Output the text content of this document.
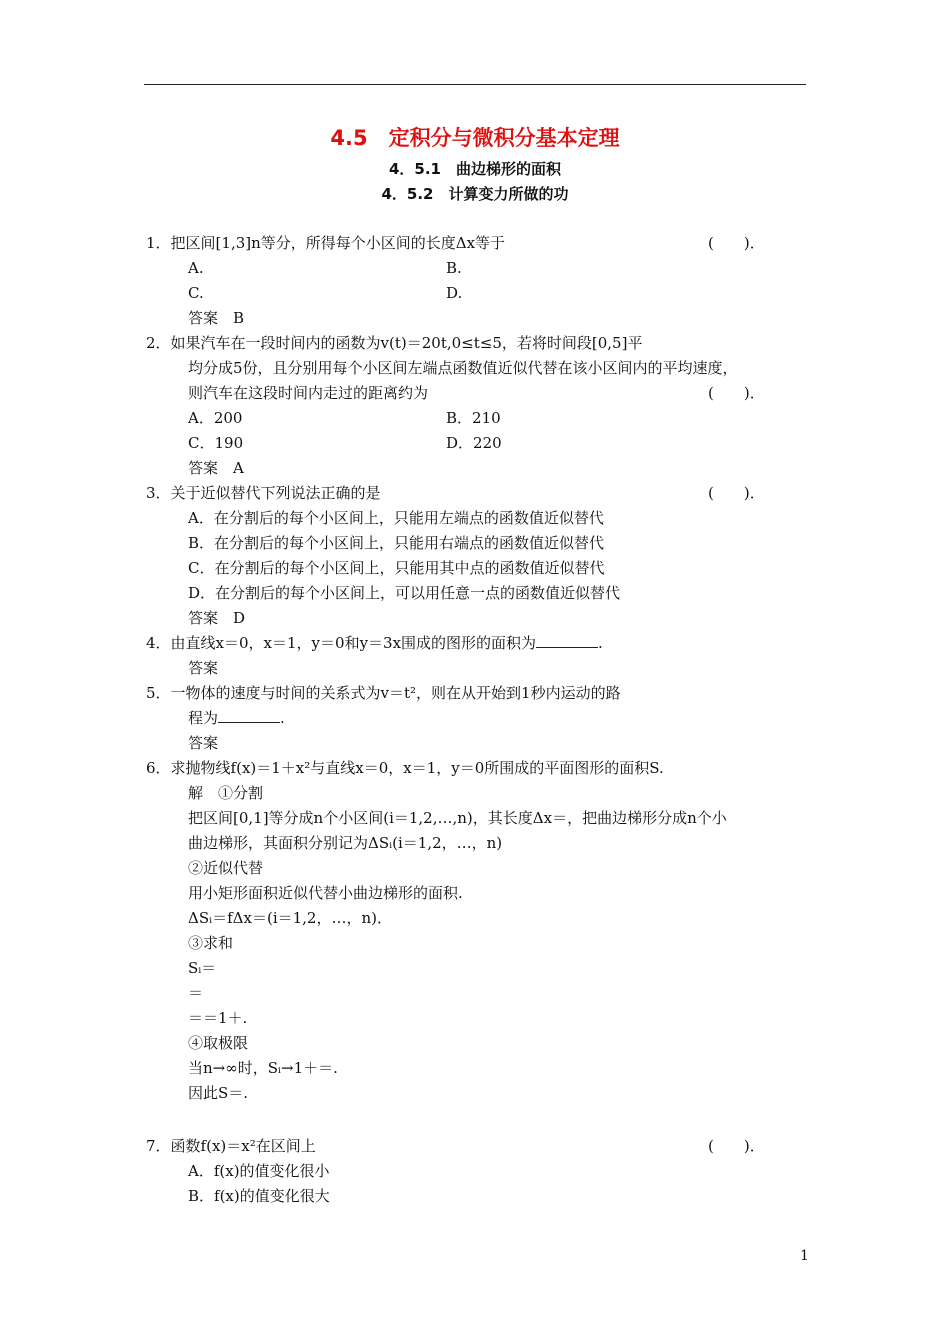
4.5　定积分与微积分基本定理
4．5.1　曲边梯形的面积
4．5.2　计算变力所做的功
1．把区间[1,3]n等分，所得每个小区间的长度Δx等于	(　　)．
A.	B.
C.	D.
答案　B
2．如果汽车在一段时间内的函数为v(t)＝20t,0≤t≤5，若将时间段[0,5]平
均分成5份，且分别用每个小区间左端点函数值近似代替在该小区间内的平均速度，
则汽车在这段时间内走过的距离约为	(　　)．
A．200	B．210
C．190	D．220
答案　A
3．关于近似替代下列说法正确的是	(　　)．
A．在分割后的每个小区间上，只能用左端点的函数值近似替代
B．在分割后的每个小区间上，只能用右端点的函数值近似替代
C．在分割后的每个小区间上，只能用其中点的函数值近似替代
D．在分割后的每个小区间上，可以用任意一点的函数值近似替代
答案　D
4．由直线x＝0，x＝1，y＝0和y＝3x围成的图形的面积为	.
答案
5．一物体的速度与时间的关系式为v＝t²，则在从开始到1秒内运动的路
程为	.
答案
6．求抛物线f(x)＝1＋x²与直线x＝0，x＝1，y＝0所围成的平面图形的面积S.
解　①分割
把区间[0,1]等分成n个小区间(i＝1,2,…,n)，其长度Δx＝，把曲边梯形分成n个小
曲边梯形，其面积分别记为ΔSᵢ(i＝1,2，…，n)
②近似代替
用小矩形面积近似代替小曲边梯形的面积.
ΔSᵢ＝fΔx＝(i＝1,2，…，n)．
③求和
Sᵢ＝
＝
＝＝1＋.
④取极限
当n→∞时，Sᵢ→1＋＝.
因此S＝.
7．函数f(x)＝x²在区间上	(　　)．
A．f(x)的值变化很小
B．f(x)的值变化很大
1
